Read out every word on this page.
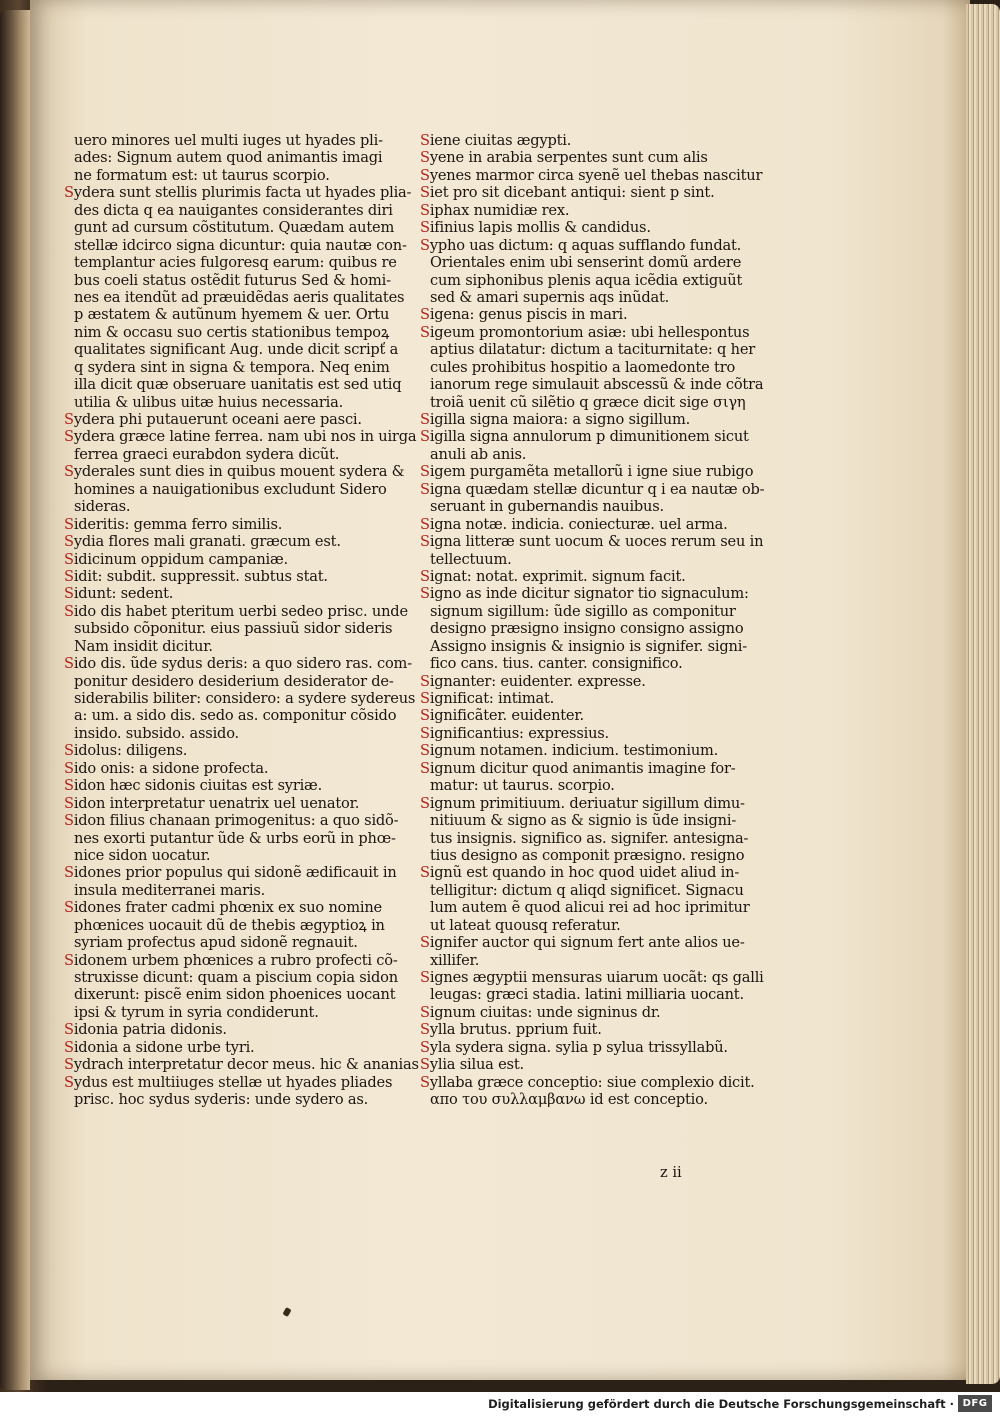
uero minores uel multi iuges ut hyades pli-
ades: Signum autem quod animantis imagi
ne formatum est: ut taurus scorpio.
Sydera sunt stellis plurimis facta ut hyades plia-
des dicta q ea nauigantes considerantes diri
gunt ad cursum cõstitutum. Quædam autem
stellæ idcirco signa dicuntur: quia nautæ con-
templantur acies fulgoresq earum: quibus re
bus coeli status ostẽdit futurus Sed & homi-
nes ea itendũt ad præuidẽdas aeris qualitates
p æstatem & autũnum hyemem & uer. Ortu
nim & occasu suo certis stationibus tempoꝝ
qualitates significant Aug. unde dicit scripť a
q sydera sint in signa & tempora. Neq enim
illa dicit quæ obseruare uanitatis est sed utiq
utilia & ulibus uitæ huius necessaria.
Sydera phi putauerunt oceani aere pasci.
Sydera græce latine ferrea. nam ubi nos in uirga
ferrea graeci eurabdon sydera dicũt.
Syderales sunt dies in quibus mouent sydera &
homines a nauigationibus excludunt Sidero
sideras.
Sideritis: gemma ferro similis.
Sydia flores mali granati. græcum est.
Sidicinum oppidum campaniæ.
Sidit: subdit. suppressit. subtus stat.
Sidunt: sedent.
Sido dis habet pteritum uerbi sedeo prisc. unde
subsido cõponitur. eius passiuũ sidor sideris
Nam insidit dicitur.
Sido dis. ũde sydus deris: a quo sidero ras. com-
ponitur desidero desiderium desiderator de-
siderabilis biliter: considero: a sydere sydereus
a: um. a sido dis. sedo as. componitur cõsido
insido. subsido. assido.
Sidolus: diligens.
Sido onis: a sidone profecta.
Sidon hæc sidonis ciuitas est syriæ.
Sidon interpretatur uenatrix uel uenator.
Sidon filius chanaan primogenitus: a quo sidõ-
nes exorti putantur ũde & urbs eorũ in phœ-
nice sidon uocatur.
Sidones prior populus qui sidonẽ ædificauit in
insula mediterranei maris.
Sidones frater cadmi phœnix ex suo nomine
phœnices uocauit dũ de thebis ægyptioꝝ in
syriam profectus apud sidonẽ regnauit.
Sidonem urbem phœnices a rubro profecti cõ-
struxisse dicunt: quam a piscium copia sidon
dixerunt: piscẽ enim sidon phoenices uocant
ipsi & tyrum in syria condiderunt.
Sidonia patria didonis.
Sidonia a sidone urbe tyri.
Sydrach interpretatur decor meus. hic & ananias
Sydus est multiiuges stellæ ut hyades pliades
prisc. hoc sydus syderis: unde sydero as.
Siene ciuitas ægypti.
Syene in arabia serpentes sunt cum alis
Syenes marmor circa syenẽ uel thebas nascitur
Siet pro sit dicebant antiqui: sient p sint.
Siphax numidiæ rex.
Sifinius lapis mollis & candidus.
Sypho uas dictum: q aquas sufflando fundat.
Orientales enim ubi senserint domũ ardere
cum siphonibus plenis aqua icẽdia extiguũt
sed & amari supernis aqs inũdat.
Sigena: genus piscis in mari.
Sigeum promontorium asiæ: ubi hellespontus
aptius dilatatur: dictum a taciturnitate: q her
cules prohibitus hospitio a laomedonte tro
ianorum rege simulauit abscessũ & inde cõtra
troiã uenit cũ silẽtio q græce dicit sige σιγη
Sigilla signa maiora: a signo sigillum.
Sigilla signa annulorum p dimunitionem sicut
anuli ab anis.
Sigem purgamẽta metallorũ i igne siue rubigo
Signa quædam stellæ dicuntur q i ea nautæ ob-
seruant in gubernandis nauibus.
Signa notæ. indicia. coniecturæ. uel arma.
Signa litteræ sunt uocum & uoces rerum seu in
tellectuum.
Signat: notat. exprimit. signum facit.
Signo as inde dicitur signator tio signaculum:
signum sigillum: ũde sigillo as componitur
designo præsigno insigno consigno assigno
Assigno insignis & insignio is signifer. signi-
fico cans. tius. canter. consignifico.
Signanter: euidenter. expresse.
Significat: intimat.
Significãter. euidenter.
Significantius: expressius.
Signum notamen. indicium. testimonium.
Signum dicitur quod animantis imagine for-
matur: ut taurus. scorpio.
Signum primitiuum. deriuatur sigillum dimu-
nitiuum & signo as & signio is ũde insigni-
tus insignis. significo as. signifer. antesigna-
tius designo as componit præsigno. resigno
Signũ est quando in hoc quod uidet aliud in-
telligitur: dictum q aliqd significet. Signacu
lum autem ẽ quod alicui rei ad hoc iprimitur
ut lateat quousq referatur.
Signifer auctor qui signum fert ante alios ue-
xillifer.
Signes ægyptii mensuras uiarum uocãt: qs galli
leugas: græci stadia. latini milliaria uocant.
Signum ciuitas: unde signinus dr.
Sylla brutus. pprium fuit.
Syla sydera signa. sylia p sylua trissyllabũ.
Sylia silua est.
Syllaba græce conceptio: siue complexio dicit.
απο του συλλαμβανω id est conceptio.
z ii
Digitalisierung gefördert durch die Deutsche Forschungsgemeinschaft · DFG
